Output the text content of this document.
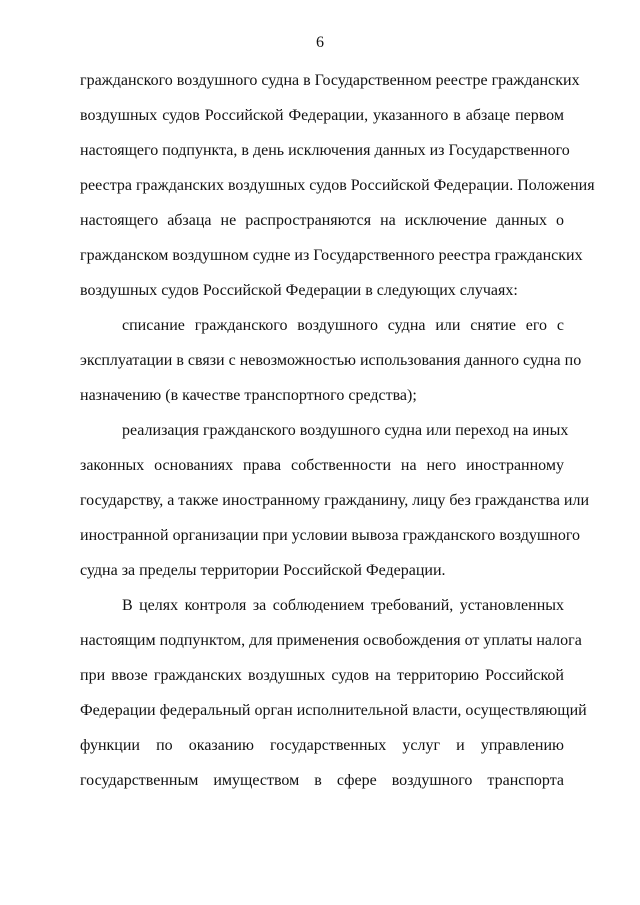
6
гражданского воздушного судна в Государственном реестре гражданских
воздушных судов Российской Федерации, указанного в абзаце первом
настоящего подпункта, в день исключения данных из Государственного
реестра гражданских воздушных судов Российской Федерации. Положения
настоящего абзаца не распространяются на исключение данных о
гражданском воздушном судне из Государственного реестра гражданских
воздушных судов Российской Федерации в следующих случаях:
списание гражданского воздушного судна или снятие его с
эксплуатации в связи с невозможностью использования данного судна по
назначению (в качестве транспортного средства);
реализация гражданского воздушного судна или переход на иных
законных основаниях права собственности на него иностранному
государству, а также иностранному гражданину, лицу без гражданства или
иностранной организации при условии вывоза гражданского воздушного
судна за пределы территории Российской Федерации.
В целях контроля за соблюдением требований, установленных
настоящим подпунктом, для применения освобождения от уплаты налога
при ввозе гражданских воздушных судов на территорию Российской
Федерации федеральный орган исполнительной власти, осуществляющий
функции по оказанию государственных услуг и управлению
государственным имуществом в сфере воздушного транспорта
